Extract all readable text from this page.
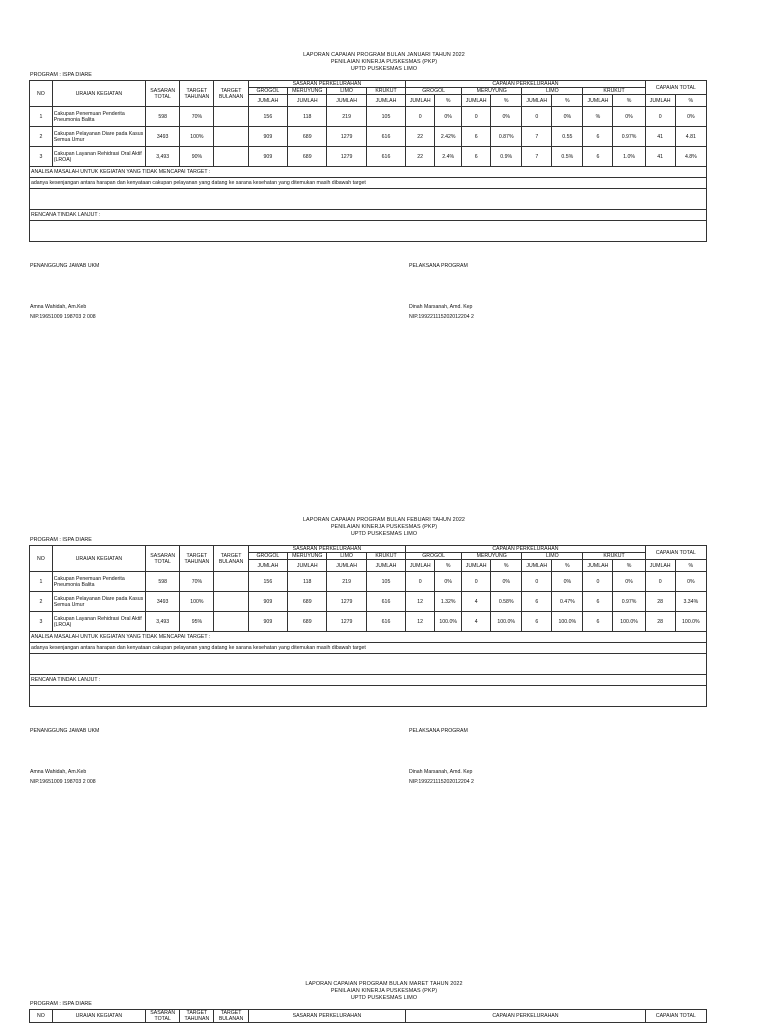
LAPORAN CAPAIAN PROGRAM BULAN JANUARI TAHUN 2022
PENILAIAN KINERJA PUSKESMAS (PKP)
UPTD PUSKESMAS LIMO
PROGRAM : ISPA DIARE
NO	URAIAN KEGIATAN	SASARAN TOTAL	TARGET TAHUNAN	TARGET BULANAN	SASARAN PERKELURAHAN				CAPAIAN PERKELURAHAN								CAPAIAN TOTAL	
					GROGOL	MERUYUNG	LIMO	KRUKUT	GROGOL		MERUYUNG		LIMO		KRUKUT			
					JUMLAH	JUMLAH	JUMLAH	JUMLAH	JUMLAH	%	JUMLAH	%	JUMLAH	%	JUMLAH	%	JUMLAH	%
1	Cakupan Penemuan Penderita Pneumonia Balita	598	70%		156	118	219	105	0	0%	0	0%	0	0%	%	0%	0	0%
2	Cakupan Pelayanan Diare pada Kasus Semua Umur	3493	100%		909	689	1279	616	22	2.42%	6	0.87%	7	0.55	6	0.97%	41	4.81
3	Cakupan Layanan Rehidrasi Oral Aktif (LROA)	3,493	90%		909	689	1279	616	22	2.4%	6	0.9%	7	0.5%	6	1.0%	41	4.8%
ANALISA MASALAH UNTUK KEGIATAN YANG TIDAK MENCAPAI TARGET :																		
adanya kesenjangan antara harapan dan kenyataan cakupan pelayanan yang datang ke sarana kesehatan yang ditemukan masih dibawah target																		

RENCANA TINDAK LANJUT :																		

PENANGGUNG JAWAB UKM
Amna Wahidah, Am.Keb
NIP.19651009 198703 2 008
PELAKSANA PROGRAM
Dinah Marsanah, Amd. Kep
NIP.199221115202012204 2
LAPORAN CAPAIAN PROGRAM BULAN FEBUARI TAHUN 2022
PENILAIAN KINERJA PUSKESMAS (PKP)
UPTD PUSKESMAS LIMO
PROGRAM : ISPA DIARE
NO	URAIAN KEGIATAN	SASARAN TOTAL	TARGET TAHUNAN	TARGET BULANAN	SASARAN PERKELURAHAN				CAPAIAN PERKELURAHAN								CAPAIAN TOTAL	
					GROGOL	MERUYUNG	LIMO	KRUKUT	GROGOL		MERUYUNG		LIMO		KRUKUT			
					JUMLAH	JUMLAH	JUMLAH	JUMLAH	JUMLAH	%	JUMLAH	%	JUMLAH	%	JUMLAH	%	JUMLAH	%
1	Cakupan Penemuan Penderita Pneumonia Balita	598	70%		156	118	219	105	0	0%	0	0%	0	0%	0	0%	0	0%
2	Cakupan Pelayanan Diare pada Kasus Semua Umur	3493	100%		909	689	1279	616	12	1.32%	4	0.58%	6	0.47%	6	0.97%	28	3.34%
3	Cakupan Layanan Rehidrasi Oral Aktif (LROA)	3,493	95%		909	689	1279	616	12	100.0%	4	100.0%	6	100.0%	6	100.0%	28	100.0%
ANALISA MASALAH UNTUK KEGIATAN YANG TIDAK MENCAPAI TARGET :																		
adanya kesenjangan antara harapan dan kenyataan cakupan pelayanan yang datang ke sarana kesehatan yang ditemukan masih dibawah target																		

RENCANA TINDAK LANJUT :																		

PENANGGUNG JAWAB UKM
Amna Wahidah, Am.Keb
NIP.19651009 198703 2 008
PELAKSANA PROGRAM
Dinah Marsanah, Amd. Kep
NIP.199221115202012204 2
LAPORAN CAPAIAN PROGRAM BULAN MARET TAHUN 2022
PENILAIAN KINERJA PUSKESMAS (PKP)
UPTD PUSKESMAS LIMO
PROGRAM : ISPA DIARE
NO	URAIAN KEGIATAN	SASARAN TOTAL	TARGET TAHUNAN	TARGET BULANAN	SASARAN PERKELURAHAN	CAPAIAN PERKELURAHAN	CAPAIAN TOTAL
